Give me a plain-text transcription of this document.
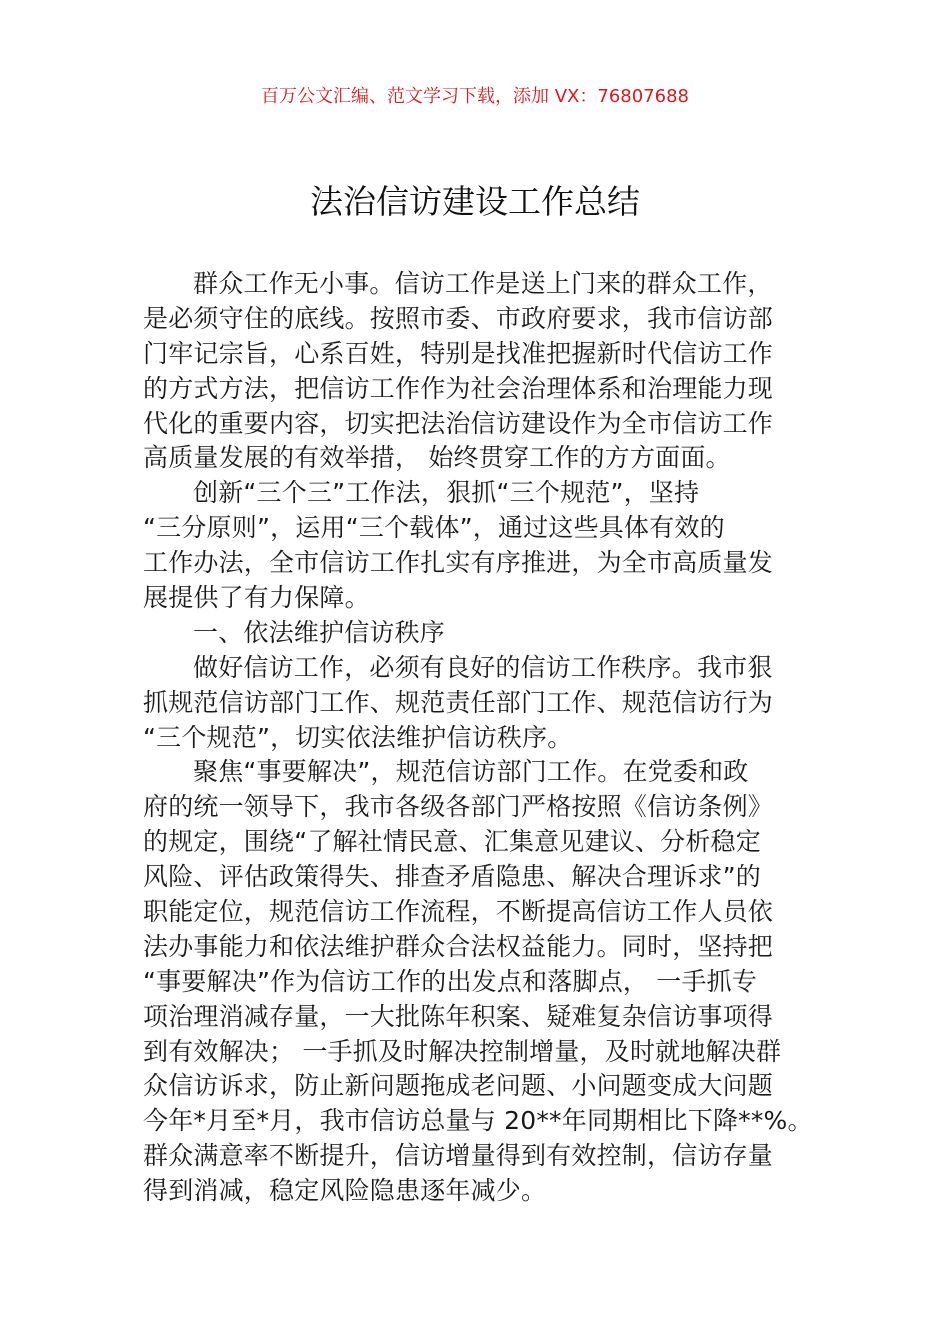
百万公文汇编、范文学习下载，添加 VX：76807688
法治信访建设工作总结
群众工作无小事。信访工作是送上门来的群众工作，
是必须守住的底线。按照市委、市政府要求，我市信访部
门牢记宗旨，心系百姓，特别是找准把握新时代信访工作
的方式方法，把信访工作作为社会治理体系和治理能力现
代化的重要内容，切实把法治信访建设作为全市信访工作
高质量发展的有效举措， 始终贯穿工作的方方面面。
创新“三个三”工作法，狠抓“三个规范”，坚持
“三分原则”，运用“三个载体”，通过这些具体有效的
工作办法，全市信访工作扎实有序推进，为全市高质量发
展提供了有力保障。
一、依法维护信访秩序
做好信访工作，必须有良好的信访工作秩序。我市狠
抓规范信访部门工作、规范责任部门工作、规范信访行为
“三个规范”，切实依法维护信访秩序。
聚焦“事要解决”，规范信访部门工作。在党委和政
府的统一领导下，我市各级各部门严格按照《信访条例》
的规定，围绕“了解社情民意、汇集意见建议、分析稳定
风险、评估政策得失、排查矛盾隐患、解决合理诉求”的
职能定位，规范信访工作流程，不断提高信访工作人员依
法办事能力和依法维护群众合法权益能力。同时，坚持把
“事要解决”作为信访工作的出发点和落脚点， 一手抓专
项治理消减存量，一大批陈年积案、疑难复杂信访事项得
到有效解决； 一手抓及时解决控制增量，及时就地解决群
众信访诉求，防止新问题拖成老问题、小问题变成大问题
今年*月至*月，我市信访总量与 20**年同期相比下降**%。
群众满意率不断提升，信访增量得到有效控制，信访存量
得到消减，稳定风险隐患逐年减少。
